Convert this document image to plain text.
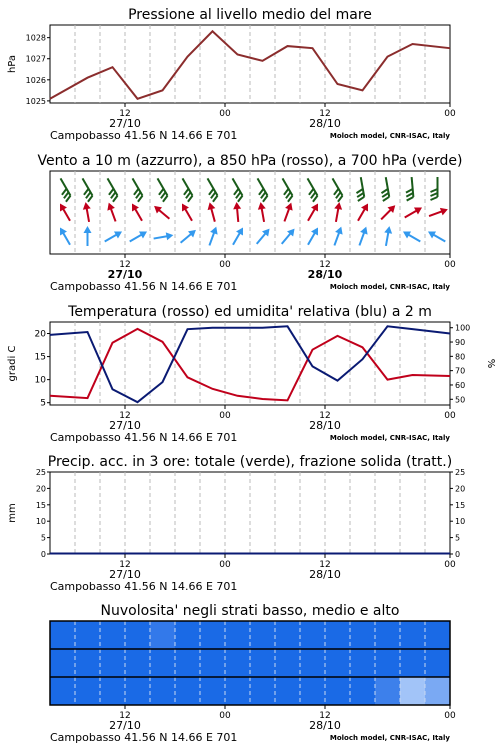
Pressione al livello medio del mare
1025
1026
1027
1028
hPa
12	00	12	00
27/10	28/10
Campobasso 41.56 N 14.66 E 701	Moloch model, CNR-ISAC, Italy
Vento a 10 m (azzurro), a 850 hPa (rosso), a 700 hPa (verde)
12	00	12	00
27/10	28/10
Campobasso 41.56 N 14.66 E 701	Moloch model, CNR-ISAC, Italy
Temperatura (rosso) ed umidita' relativa (blu) a 2 m
5
10
15
20
50
60
70
80
90
100
gradi C	%
12	00	12	00
27/10	28/10
Campobasso 41.56 N 14.66 E 701	Moloch model, CNR-ISAC, Italy
Precip. acc. in 3 ore: totale (verde), frazione solida (tratt.)
0
5
10
15
20
25
0
5
10
15
20
25
mm
12	00	12	00
27/10	28/10
Campobasso 41.56 N 14.66 E 701
Nuvolosita' negli strati basso, medio e alto
12	00	12	00
27/10	28/10
Campobasso 41.56 N 14.66 E 701	Moloch model, CNR-ISAC, Italy
